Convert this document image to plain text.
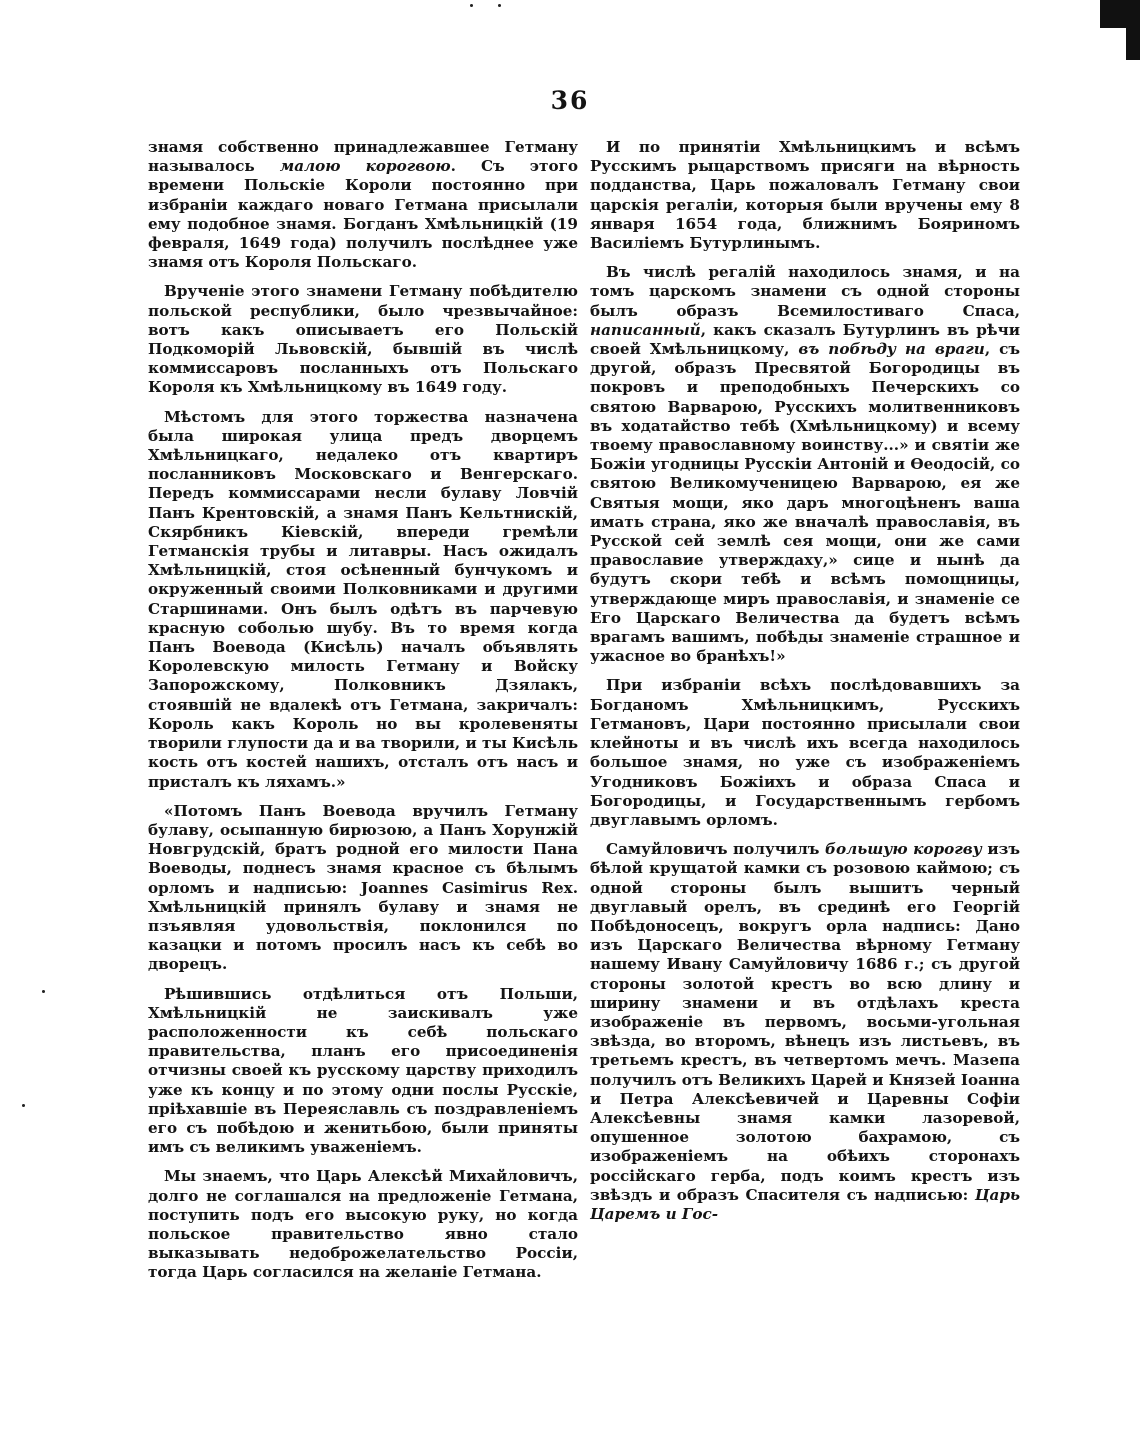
36

знамя собственно принадлежавшее Гетману называлось малою корогвою. Съ этого времени Польскіе Короли постоянно при избраніи каждаго новаго Гетмана присылали ему подобное знамя. Богданъ Хмѣльницкій (19 февраля, 1649 года) получилъ послѣднее уже знамя отъ Короля Польскаго.

Врученіе этого знамени Гетману побѣдителю польской республики, было чрезвычайное: вотъ какъ описываетъ его Польскій Подкоморій Львовскій, бывшій въ числѣ коммиссаровъ посланныхъ отъ Польскаго Короля къ Хмѣльницкому въ 1649 году.

Мѣстомъ для этого торжества назначена была широкая улица предъ дворцемъ Хмѣльницкаго, недалеко отъ квартиръ посланниковъ Московскаго и Венгерскаго. Передъ коммиссарами несли булаву Ловчій Панъ Крентовскій, а знамя Панъ Кельтнискій, Скярбникъ Кіевскій, впереди гремѣли Гетманскія трубы и литавры. Насъ ожидалъ Хмѣльницкій, стоя осѣненный бунчукомъ и окруженный своими Полковниками и другими Старшинами. Онъ былъ одѣтъ въ парчевую красную соболью шубу. Въ то время когда Панъ Воевода (Кисѣль) началъ объявлять Королевскую милость Гетману и Войску Запорожскому, Полковникъ Дзялакъ, стоявшій не вдалекѣ отъ Гетмана, закричалъ: Король какъ Король но вы кролевеняты творили глупости да и ва творили, и ты Кисѣль кость отъ костей нашихъ, отсталъ отъ насъ и присталъ къ ляхамъ.»

«Потомъ Панъ Воевода вручилъ Гетману булаву, осыпанную бирюзою, а Панъ Хорунжій Новгрудскій, братъ родной его милости Пана Воеводы, поднесъ знамя красное съ бѣлымъ орломъ и надписью: Joannes Casimirus Rex. Хмѣльницкій принялъ булаву и знамя не пзъявляя удовольствія, поклонился по казацки и потомъ просилъ насъ къ себѣ во дворецъ.

Рѣшившись отдѣлиться отъ Польши, Хмѣльницкій не заискивалъ уже расположенности къ себѣ польскаго правительства, планъ его присоединенія отчизны своей къ русскому царству приходилъ уже къ концу и по этому одни послы Русскіе, пріѣхавшіе въ Переяславль съ поздравленіемъ его съ побѣдою и женитьбою, были приняты имъ съ великимъ уваженіемъ.

Мы знаемъ, что Царь Алексѣй Михайловичъ, долго не соглашался на предложеніе Гетмана, поступить подъ его высокую руку, но когда польское правительство явно стало выказывать недоброжелательство Россіи, тогда Царь согласился на желаніе Гетмана.

И по принятіи Хмѣльницкимъ и всѣмъ Русскимъ рыцарствомъ присяги на вѣрность подданства, Царь пожаловалъ Гетману свои царскія регаліи, которыя были вручены ему 8 января 1654 года, ближнимъ Бояриномъ Василіемъ Бутурлинымъ.

Въ числѣ регалій находилось знамя, и на томъ царскомъ знамени съ одной стороны былъ образъ Всемилостиваго Спаса, написанный, какъ сказалъ Бутурлинъ въ рѣчи своей Хмѣльницкому, въ побѣду на враги, съ другой, образъ Пресвятой Богородицы въ покровъ и преподобныхъ Печерскихъ со святою Варварою, Русскихъ молитвенниковъ въ ходатайство тебѣ (Хмѣльницкому) и всему твоему православному воинству...» и святіи же Божіи угодницы Русскіи Антоній и Ѳеодосій, со святою Великомученицею Варварою, ея же Святыя мощи, яко даръ многоцѣненъ ваша имать страна, яко же вначалѣ православія, въ Русской сей землѣ сея мощи, они же сами православие утверждаху,» сице и нынѣ да будутъ скори тебѣ и всѣмъ помощницы, утверждающе миръ православія, и знаменіе се Его Царскаго Величества да будетъ всѣмъ врагамъ вашимъ, побѣды знаменіе страшное и ужасное во бранѣхъ!»

При избраніи всѣхъ послѣдовавшихъ за Богданомъ Хмѣльницкимъ, Русскихъ Гетмановъ, Цари постоянно присылали свои клейноты и въ числѣ ихъ всегда находилось большое знамя, но уже съ изображеніемъ Угодниковъ Божіихъ и образа Спаса и Богородицы, и Государственнымъ гербомъ двуглавымъ орломъ.

Самуйловичъ получилъ большую корогву изъ бѣлой крущатой камки съ розовою каймою; съ одной стороны былъ вышитъ черный двуглавый орелъ, въ срединѣ его Георгій Побѣдоносецъ, вокругъ орла надпись: Дано изъ Царскаго Величества вѣрному Гетману нашему Ивану Самуйловичу 1686 г.; съ другой стороны золотой крестъ во всю длину и ширину знамени и въ отдѣлахъ креста изображеніе въ первомъ, восьми-угольная звѣзда, во второмъ, вѣнецъ изъ листьевъ, въ третьемъ крестъ, въ четвертомъ мечъ. Мазепа получилъ отъ Великихъ Царей и Князей Іоанна и Петра Алексѣевичей и Царевны Софіи Алексѣевны знамя камки лазоревой, опушенное золотою бахрамою, съ изображеніемъ на обѣихъ сторонахъ россійскаго герба, подъ коимъ крестъ изъ звѣздъ и образъ Спасителя съ надписью: Царь Царемъ и Гос-
